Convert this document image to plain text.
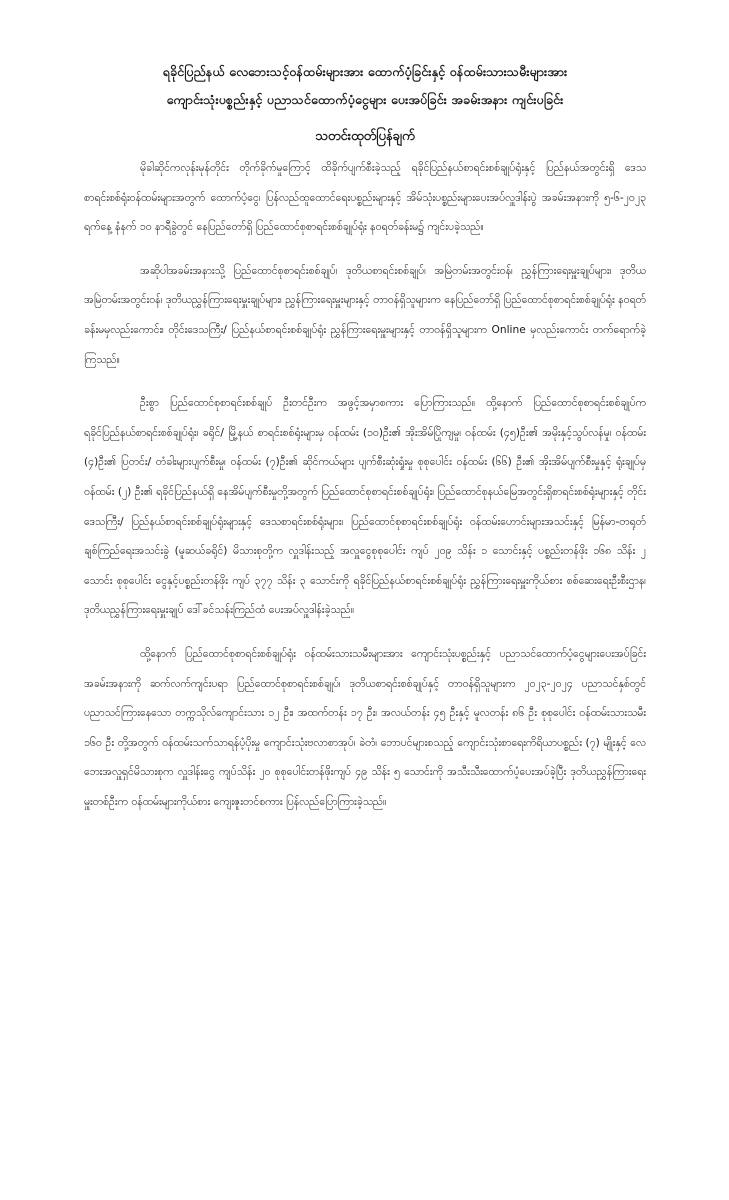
ရခိုင်ပြည်နယ် လေဘေးသင့်ဝန်ထမ်းများအား ထောက်ပံ့ခြင်းနှင့် ဝန်ထမ်းသားသမီးများအား

ကျောင်းသုံးပစ္စည်းနှင့် ပညာသင်ထောက်ပံ့ငွေများ ပေးအပ်ခြင်း အခမ်းအနား ကျင်းပခြင်း

သတင်းထုတ်ပြန်ချက်

မိုခါဆိုင်ကလုန်းမုန်တိုင်း တိုက်ခိုက်မှုကြောင့် ထိခိုက်ပျက်စီးခဲ့သည့် ရခိုင်ပြည်နယ်စာရင်းစစ်ချုပ်ရုံးနှင့် ပြည်နယ်အတွင်းရှိ ဒေသစာရင်းစစ်ရုံးဝန်ထမ်းများအတွက် ထောက်ပံ့ငွေ၊ ပြန်လည်ထူထောင်ရေးပစ္စည်းများနှင့် အိမ်သုံးပစ္စည်းများပေးအပ်လှူဒါန်းပွဲ အခမ်းအနားကို ၅-၆-၂၀၂၃ ရက်နေ့ နံနက် ၁၀ နာရီခွဲတွင် နေပြည်တော်ရှိ ပြည်ထောင်စုစာရင်းစစ်ချုပ်ရုံး နဝရတ်ခန်းမ၌ ကျင်းပခဲ့သည်။

အဆိုပါအခမ်းအနားသို့ ပြည်ထောင်စုစာရင်းစစ်ချုပ်၊ ဒုတိယစာရင်းစစ်ချုပ်၊ အမြဲတမ်းအတွင်းဝန်၊ ညွှန်ကြားရေးမှူးချုပ်များ၊ ဒုတိယအမြဲတမ်းအတွင်းဝန်၊ ဒုတိယညွှန်ကြားရေးမှူးချုပ်များ၊ ညွှန်ကြားရေးမှူးများနှင့် တာဝန်ရှိသူများက နေပြည်တော်ရှိ ပြည်ထောင်စုစာရင်းစစ်ချုပ်ရုံး နဝရတ်ခန်းမမှလည်းကောင်း၊ တိုင်းဒေသကြီး/ ပြည်နယ်စာရင်းစစ်ချုပ်ရုံး ညွှန်ကြားရေးမှူးများနှင့် တာဝန်ရှိသူများက Online မှလည်းကောင်း တက်ရောက်ခဲ့ကြသည်။

ဦးစွာ ပြည်ထောင်စုစာရင်းစစ်ချုပ် ဦးတင်ဦးက အဖွင့်အမှာစကား ပြောကြားသည်။ ထို့နောက် ပြည်ထောင်စုစာရင်းစစ်ချုပ်က ရခိုင်ပြည်နယ်စာရင်းစစ်ချုပ်ရုံး၊ ခရိုင်/ မြို့နယ် စာရင်းစစ်ရုံးများမှ ဝန်ထမ်း (၁၀)ဦး၏ အိုးအိမ်ပြိုကျမှု၊ ဝန်ထမ်း (၄၅)ဦး၏ အမိုးနှင့်သွပ်လန်မှု၊ ဝန်ထမ်း (၄)ဦး၏ ပြတင်း/ တံခါးများပျက်စီးမှု၊ ဝန်ထမ်း (၇)ဦး၏ ဆိုင်ကယ်များ ပျက်စီးဆုံးရှုံးမှု စုစုပေါင်း ဝန်ထမ်း (၆၆) ဦး၏ အိုးအိမ်ပျက်စီးမှုနှင့် ရုံးချုပ်မှဝန်ထမ်း (၂) ဦး၏ ရခိုင်ပြည်နယ်ရှိ နေအိမ်ပျက်စီးမှုတို့အတွက် ပြည်ထောင်စုစာရင်းစစ်ချုပ်ရုံး၊ ပြည်ထောင်စုနယ်မြေအတွင်းရှိစာရင်းစစ်ရုံးများနှင့် တိုင်းဒေသကြီး/ ပြည်နယ်စာရင်းစစ်ချုပ်ရုံးများနှင့် ဒေသစာရင်းစစ်ရုံးများ၊ ပြည်ထောင်စုစာရင်းစစ်ချုပ်ရုံး ဝန်ထမ်းဟောင်းများအသင်းနှင့် မြန်မာ-တရုတ် ချစ်ကြည်ရေးအသင်းခွဲ (မူဆယ်ခရိုင်) မိသားစုတို့က လှူဒါန်းသည့် အလှူငွေစုစုပေါင်း ကျပ် ၂၀၉ သိန်း ၁ သောင်းနှင့် ပစ္စည်းတန်ဖိုး ၁၆၈ သိန်း ၂ သောင်း စုစုပေါင်း ငွေနှင့်ပစ္စည်းတန်ဖိုး ကျပ် ၃၇၇ သိန်း ၃ သောင်းကို ရခိုင်ပြည်နယ်စာရင်းစစ်ချုပ်ရုံး ညွှန်ကြားရေးမှူးကိုယ်စား စစ်ဆေးရေးဦးစီးဌာန၊ ဒုတိယညွှန်ကြားရေးမှူးချုပ် ဒေါ်ခင်သန်းကြည်ထံ ပေးအပ်လှူဒါန်းခဲ့သည်။

ထို့နောက် ပြည်ထောင်စုစာရင်းစစ်ချုပ်ရုံး ဝန်ထမ်းသားသမီးများအား ကျောင်းသုံးပစ္စည်းနှင့် ပညာသင်ထောက်ပံ့ငွေများပေးအပ်ခြင်း အခမ်းအနားကို ဆက်လက်ကျင်းပရာ ပြည်ထောင်စုစာရင်းစစ်ချုပ်၊ ဒုတိယစာရင်းစစ်ချုပ်နှင့် တာဝန်ရှိသူများက ၂၀၂၃-၂၀၂၄ ပညာသင်နှစ်တွင် ပညာသင်ကြားနေသော တက္ကသိုလ်ကျောင်းသား ၁၂ ဦး၊ အထက်တန်း ၁၇ ဦး၊ အလယ်တန်း ၄၅ ဦးနှင့် မူလတန်း ၈၆ ဦး စုစုပေါင်း ဝန်ထမ်းသားသမီး ၁၆၀ ဦး တို့အတွက် ဝန်ထမ်းသက်သာရန်ပံ့ပိုးမှု ကျောင်းသုံးဗလာစာအုပ်၊ ခဲတံ၊ ဘောပင်များစသည့် ကျောင်းသုံးစာရေးကိရိယာပစ္စည်း (၇) မျိုးနှင့် လေဘေးအလှူရှင်မိသားစုက လှူဒါန်းငွေ ကျပ်သိန်း ၂၀ စုစုပေါင်းတန်ဖိုးကျပ် ၄၉ သိန်း ၅ သောင်းကို အသီးသီးထောက်ပံ့ပေးအပ်ခဲ့ပြီး ဒုတိယညွှန်ကြားရေးမှူးတစ်ဦးက ဝန်ထမ်းများကိုယ်စား ကျေးဇူးတင်စကား ပြန်လည်ပြောကြားခဲ့သည်။
